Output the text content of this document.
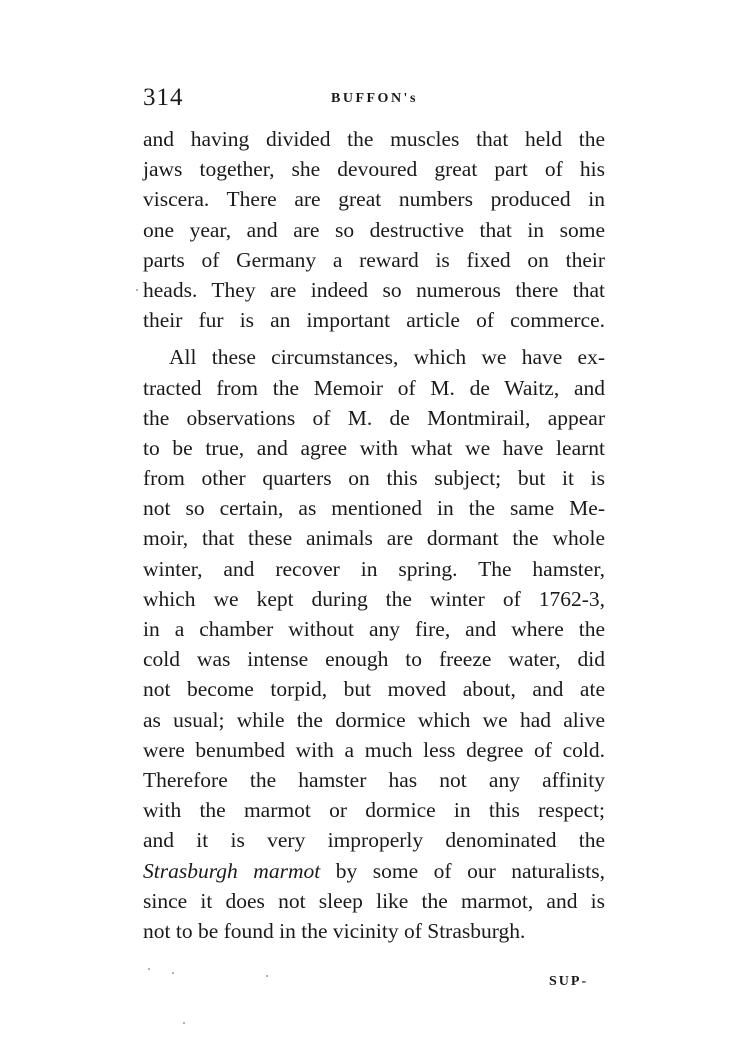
314	BUFFON's
and having divided the muscles that held the
jaws together, she devoured great part of his
viscera. There are great numbers produced in
one year, and are so destructive that in some
parts of Germany a reward is fixed on their
heads. They are indeed so numerous there that
their fur is an important article of commerce.
All these circumstances, which we have ex-
tracted from the Memoir of M. de Waitz, and
the observations of M. de Montmirail, appear
to be true, and agree with what we have learnt
from other quarters on this subject; but it is
not so certain, as mentioned in the same Me-
moir, that these animals are dormant the whole
winter, and recover in spring. The hamster,
which we kept during the winter of 1762-3,
in a chamber without any fire, and where the
cold was intense enough to freeze water, did
not become torpid, but moved about, and ate
as usual; while the dormice which we had alive
were benumbed with a much less degree of cold.
Therefore the hamster has not any affinity
with the marmot or dormice in this respect;
and it is very improperly denominated the
Strasburgh marmot by some of our naturalists,
since it does not sleep like the marmot, and is
not to be found in the vicinity of Strasburgh.
SUP-
